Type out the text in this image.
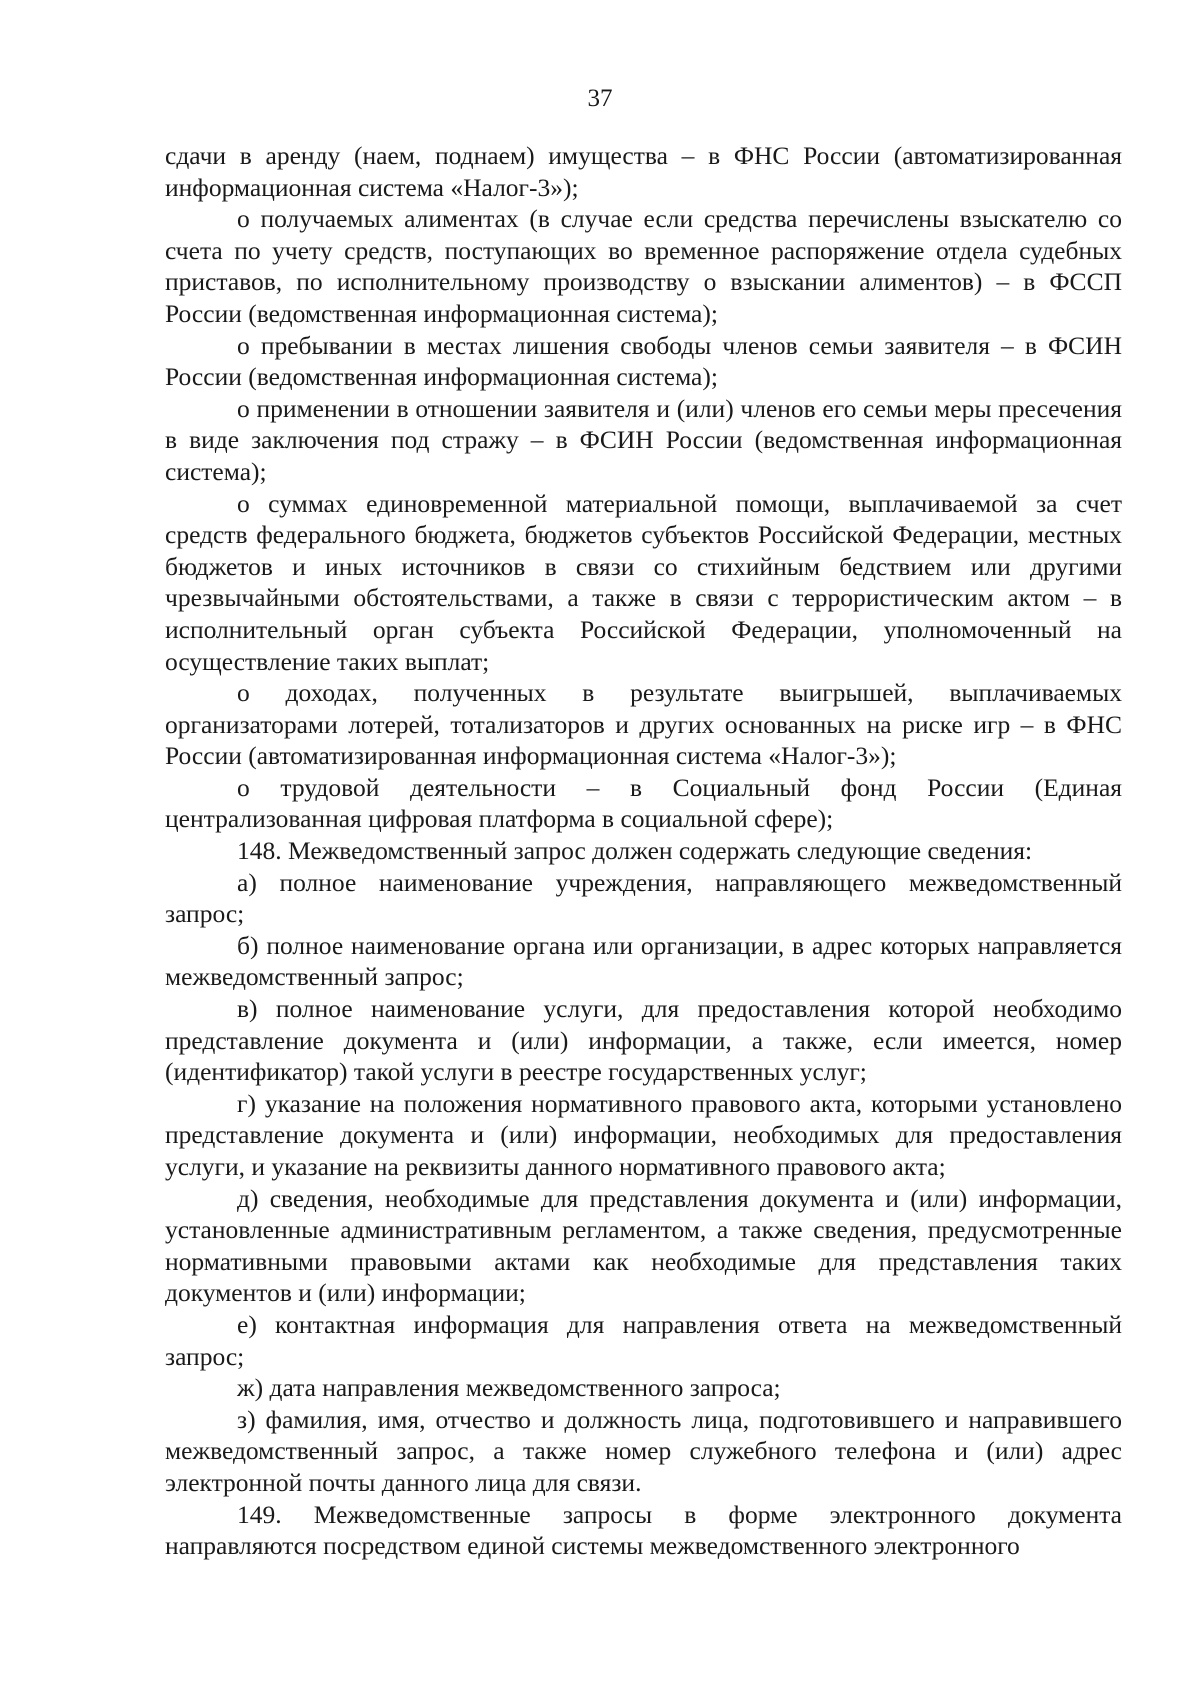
37

сдачи в аренду (наем, поднаем) имущества – в ФНС России (автоматизированная информационная система «Налог-3»);

о получаемых алиментах (в случае если средства перечислены взыскателю со счета по учету средств, поступающих во временное распоряжение отдела судебных приставов, по исполнительному производству о взыскании алиментов) – в ФССП России (ведомственная информационная система);

о пребывании в местах лишения свободы членов семьи заявителя – в ФСИН России (ведомственная информационная система);

о применении в отношении заявителя и (или) членов его семьи меры пресечения в виде заключения под стражу – в ФСИН России (ведомственная информационная система);

о суммах единовременной материальной помощи, выплачиваемой за счет средств федерального бюджета, бюджетов субъектов Российской Федерации, местных бюджетов и иных источников в связи со стихийным бедствием или другими чрезвычайными обстоятельствами, а также в связи с террористическим актом – в исполнительный орган субъекта Российской Федерации, уполномоченный на осуществление таких выплат;

о доходах, полученных в результате выигрышей, выплачиваемых организаторами лотерей, тотализаторов и других основанных на риске игр – в ФНС России (автоматизированная информационная система «Налог-3»);

о трудовой деятельности – в Социальный фонд России (Единая централизованная цифровая платформа в социальной сфере);

148. Межведомственный запрос должен содержать следующие сведения:

а) полное наименование учреждения, направляющего межведомственный запрос;

б) полное наименование органа или организации, в адрес которых направляется межведомственный запрос;

в) полное наименование услуги, для предоставления которой необходимо представление документа и (или) информации, а также, если имеется, номер (идентификатор) такой услуги в реестре государственных услуг;

г) указание на положения нормативного правового акта, которыми установлено представление документа и (или) информации, необходимых для предоставления услуги, и указание на реквизиты данного нормативного правового акта;

д) сведения, необходимые для представления документа и (или) информации, установленные административным регламентом, а также сведения, предусмотренные нормативными правовыми актами как необходимые для представления таких документов и (или) информации;

е) контактная информация для направления ответа на межведомственный запрос;

ж) дата направления межведомственного запроса;

з) фамилия, имя, отчество и должность лица, подготовившего и направившего межведомственный запрос, а также номер служебного телефона и (или) адрес электронной почты данного лица для связи.

149. Межведомственные запросы в форме электронного документа направляются посредством единой системы межведомственного электронного
